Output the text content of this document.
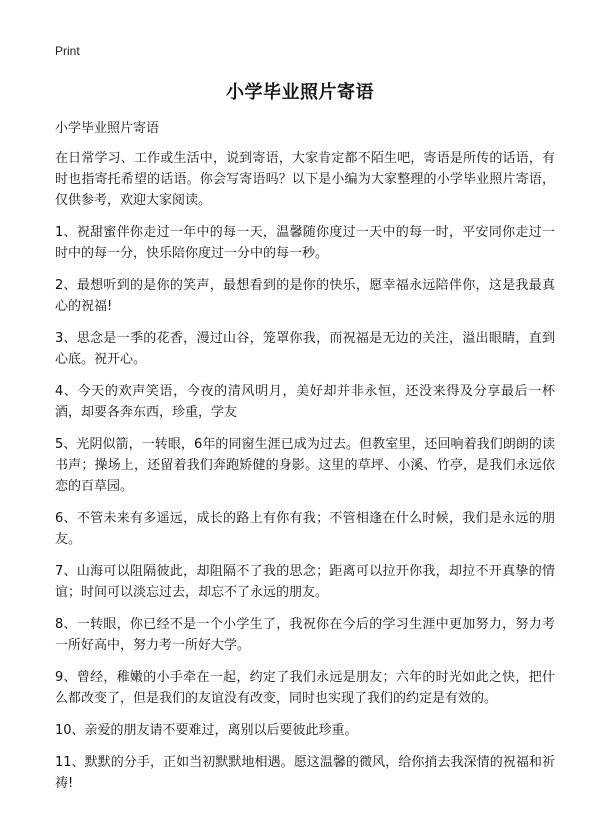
Print
小学毕业照片寄语

小学毕业照片寄语

在日常学习、工作或生活中，说到寄语，大家肯定都不陌生吧，寄语是所传的话语，有时也指寄托希望的话语。你会写寄语吗？以下是小编为大家整理的小学毕业照片寄语，仅供参考，欢迎大家阅读。

1、祝甜蜜伴你走过一年中的每一天，温馨随你度过一天中的每一时，平安同你走过一时中的每一分，快乐陪你度过一分中的每一秒。

2、最想听到的是你的笑声，最想看到的是你的快乐，愿幸福永远陪伴你，这是我最真心的祝福!

3、思念是一季的花香，漫过山谷，笼罩你我，而祝福是无边的关注，溢出眼睛，直到心底。祝开心。

4、今天的欢声笑语，今夜的清风明月，美好却并非永恒，还没来得及分享最后一杯酒，却要各奔东西，珍重，学友

5、光阴似箭，一转眼，6年的同窗生涯已成为过去。但教室里，还回响着我们朗朗的读书声；操场上，还留着我们奔跑矫健的身影。这里的草坪、小溪、竹亭，是我们永远依恋的百草园。

6、不管未来有多遥远，成长的路上有你有我；不管相逢在什么时候，我们是永远的朋友。

7、山海可以阻隔彼此，却阻隔不了我的思念；距离可以拉开你我，却拉不开真挚的情谊；时间可以淡忘过去，却忘不了永远的朋友。

8、一转眼，你已经不是一个小学生了，我祝你在今后的学习生涯中更加努力，努力考一所好高中，努力考一所好大学。

9、曾经，稚嫩的小手牵在一起，约定了我们永远是朋友；六年的时光如此之快，把什么都改变了，但是我们的友谊没有改变，同时也实现了我们的约定是有效的。

10、亲爱的朋友请不要难过，离别以后要彼此珍重。

11、默默的分手，正如当初默默地相遇。愿这温馨的微风，给你捎去我深情的祝福和祈祷!
